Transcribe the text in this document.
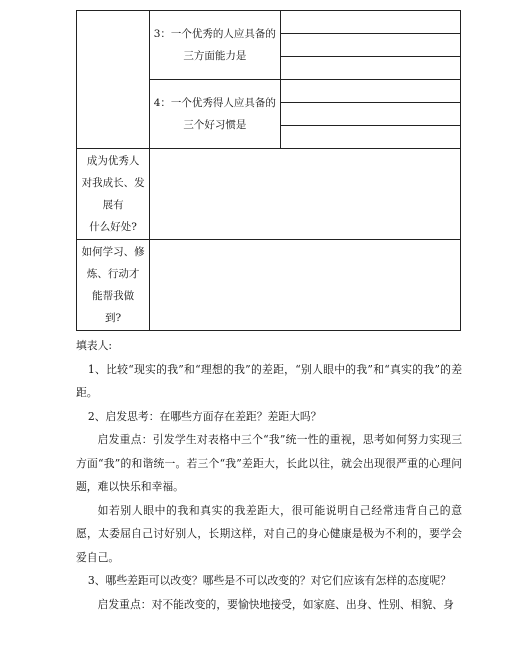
	3：一个优秀的人应具备的
三方面能力是	

	4：一个优秀得人应具备的
三个好习惯是	

成为优秀人
对我成长、发
展有
什么好处?		

如何学习、修
炼、行动才
能帮我做
到?		

填表人:

1、比较“现实的我”和“理想的我”的差距，“别人眼中的我”和“真实的我”的差距。

2、启发思考：在哪些方面存在差距？差距大吗？

启发重点：引发学生对表格中三个“我”统一性的重视，思考如何努力实现三方面“我”的和谐统一。若三个“我”差距大，长此以往，就会出现很严重的心理问题，难以快乐和幸福。

如若别人眼中的我和真实的我差距大，很可能说明自己经常违背自己的意愿，太委屈自己讨好别人，长期这样，对自己的身心健康是极为不利的，要学会爱自己。

3、哪些差距可以改变？哪些是不可以改变的？对它们应该有怎样的态度呢？

启发重点：对不能改变的，要愉快地接受，如家庭、出身、性别、相貌、身
